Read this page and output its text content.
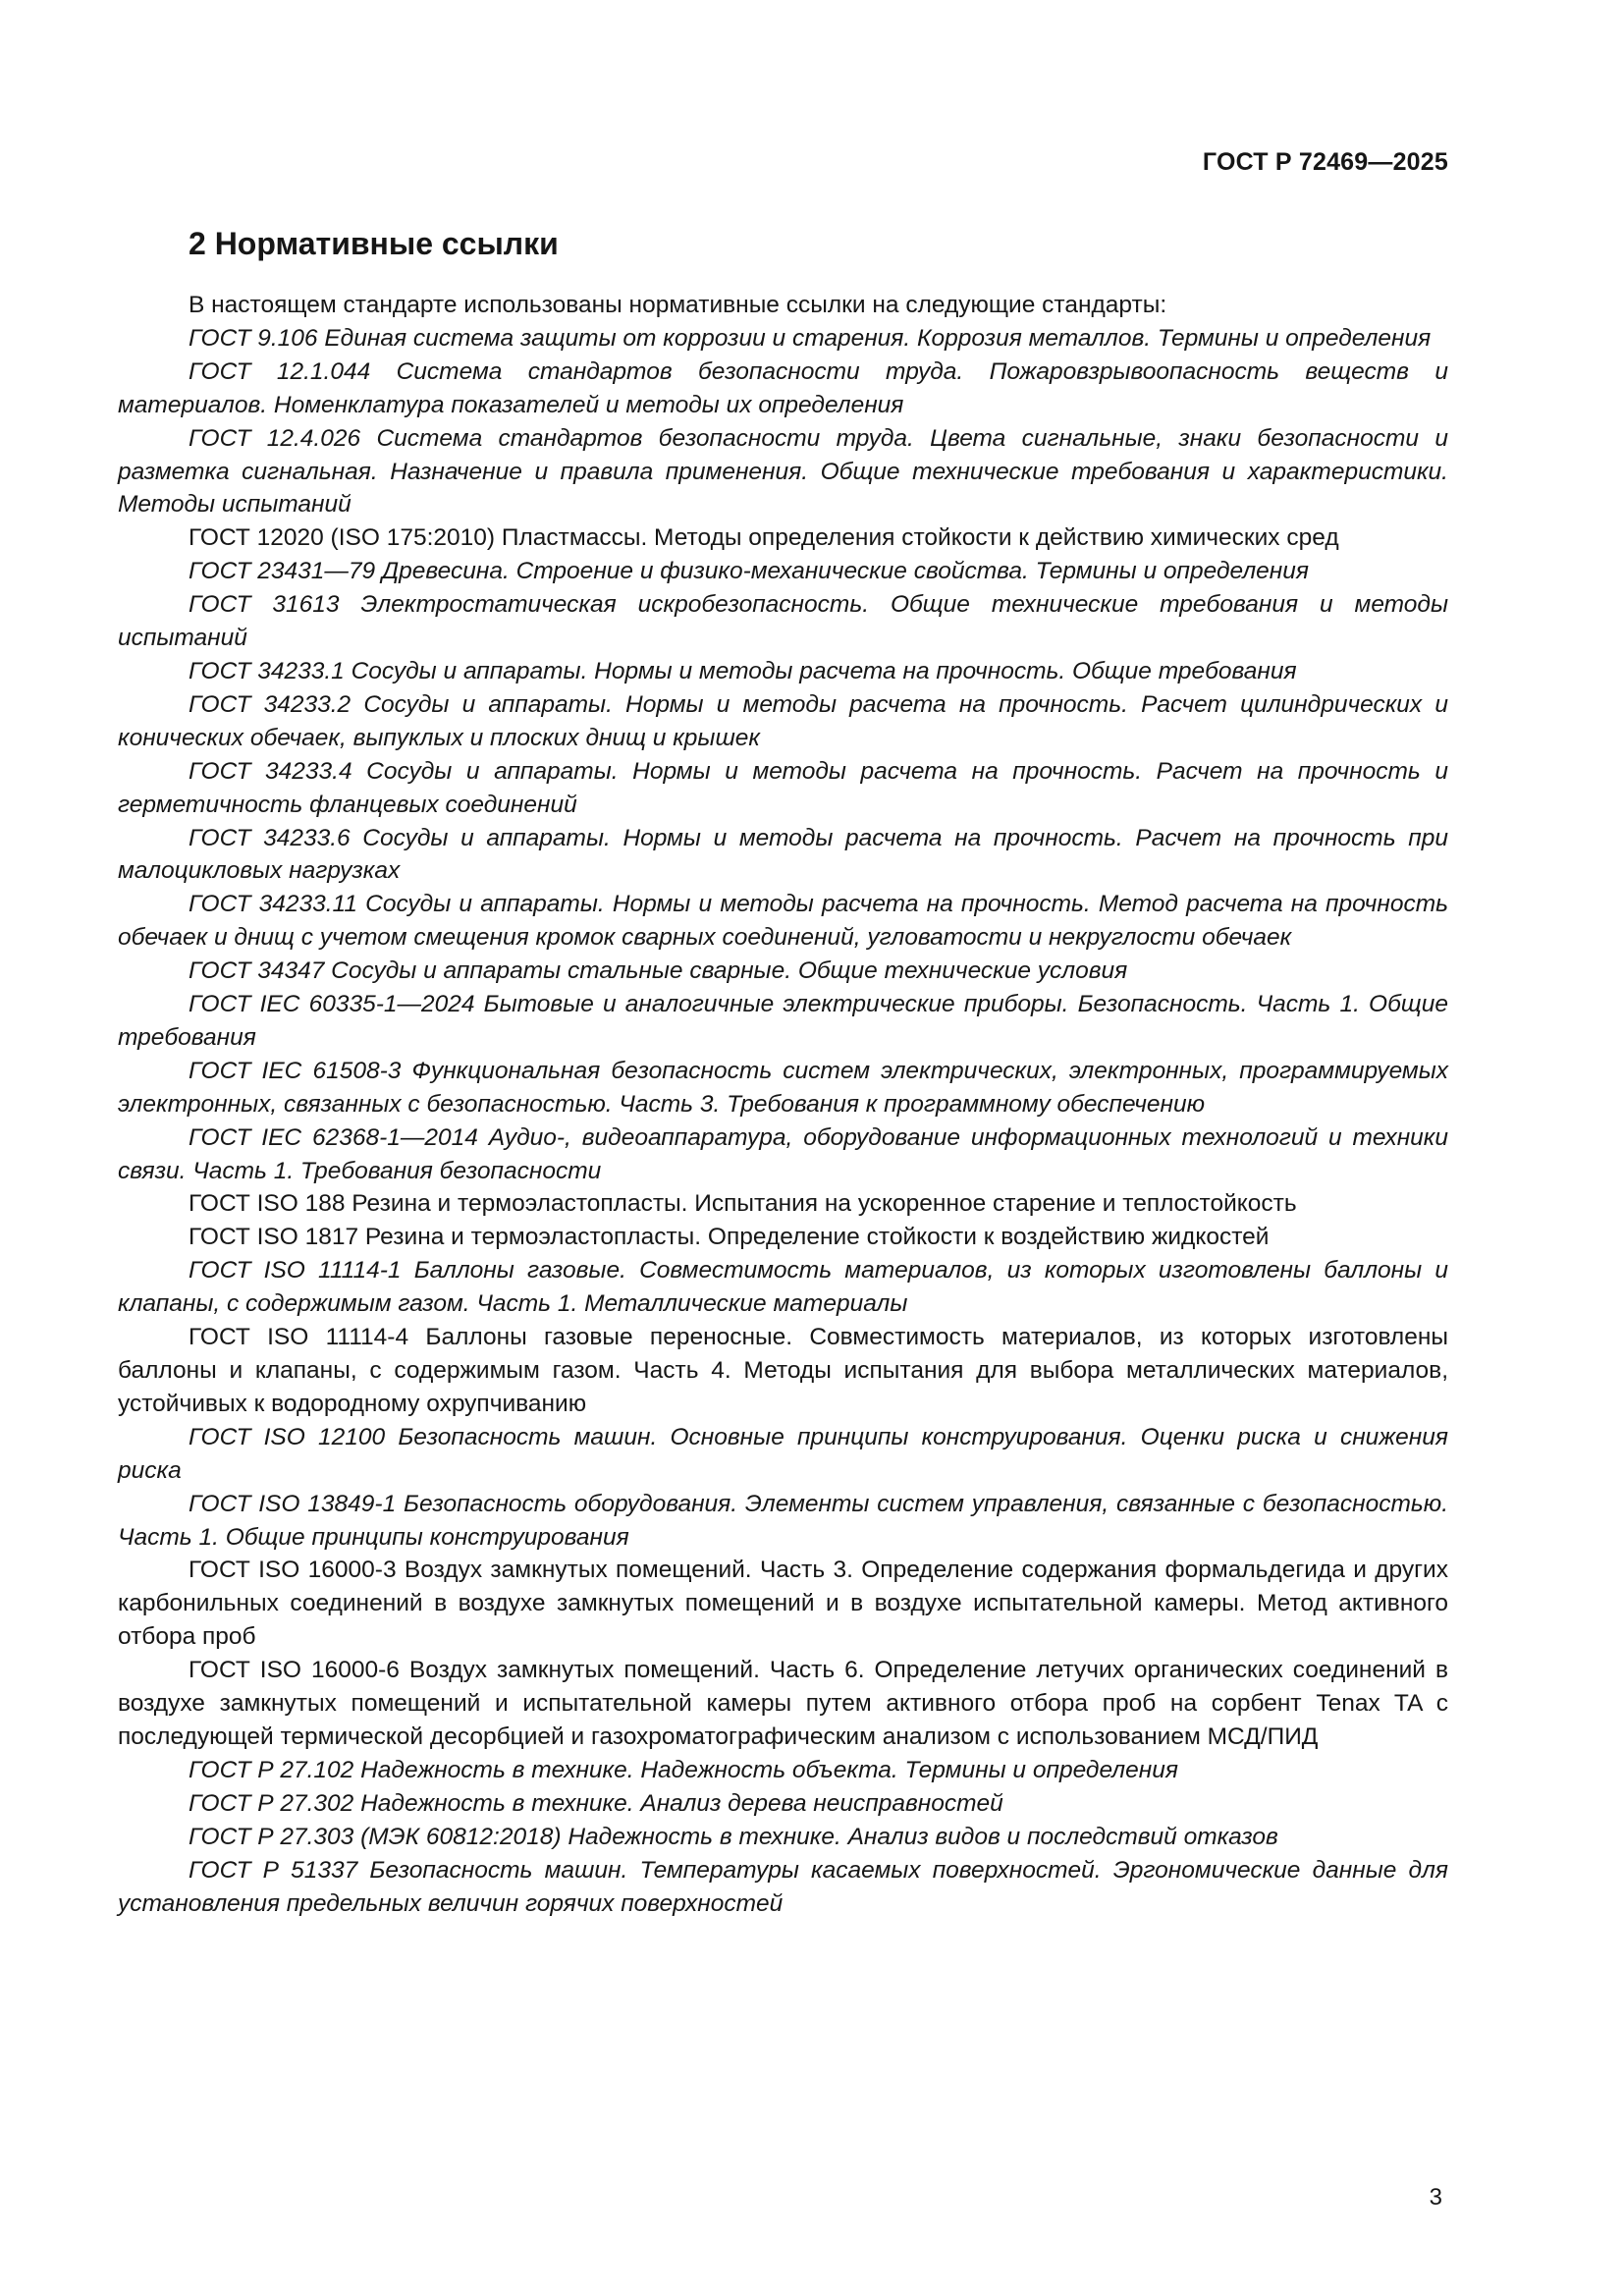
ГОСТ Р 72469—2025
2 Нормативные ссылки

В настоящем стандарте использованы нормативные ссылки на следующие стандарты:

ГОСТ 9.106 Единая система защиты от коррозии и старения. Коррозия металлов. Термины и определения

ГОСТ 12.1.044 Система стандартов безопасности труда. Пожаровзрывоопасность веществ и материалов. Номенклатура показателей и методы их определения

ГОСТ 12.4.026 Система стандартов безопасности труда. Цвета сигнальные, знаки безопасности и разметка сигнальная. Назначение и правила применения. Общие технические требования и характеристики. Методы испытаний

ГОСТ 12020 (ISO 175:2010) Пластмассы. Методы определения стойкости к действию химических сред

ГОСТ 23431—79 Древесина. Строение и физико-механические свойства. Термины и определения

ГОСТ 31613 Электростатическая искробезопасность. Общие технические требования и методы испытаний

ГОСТ 34233.1 Сосуды и аппараты. Нормы и методы расчета на прочность. Общие требования

ГОСТ 34233.2 Сосуды и аппараты. Нормы и методы расчета на прочность. Расчет цилиндрических и конических обечаек, выпуклых и плоских днищ и крышек

ГОСТ 34233.4 Сосуды и аппараты. Нормы и методы расчета на прочность. Расчет на прочность и герметичность фланцевых соединений

ГОСТ 34233.6 Сосуды и аппараты. Нормы и методы расчета на прочность. Расчет на прочность при малоцикловых нагрузках

ГОСТ 34233.11 Сосуды и аппараты. Нормы и методы расчета на прочность. Метод расчета на прочность обечаек и днищ с учетом смещения кромок сварных соединений, угловатости и некруглости обечаек

ГОСТ 34347 Сосуды и аппараты стальные сварные. Общие технические условия

ГОСТ IEC 60335-1—2024 Бытовые и аналогичные электрические приборы. Безопасность. Часть 1. Общие требования

ГОСТ IEC 61508-3 Функциональная безопасность систем электрических, электронных, программируемых электронных, связанных с безопасностью. Часть 3. Требования к программному обеспечению

ГОСТ IEC 62368-1—2014 Аудио-, видеоаппаратура, оборудование информационных технологий и техники связи. Часть 1. Требования безопасности

ГОСТ ISO 188 Резина и термоэластопласты. Испытания на ускоренное старение и теплостойкость

ГОСТ ISO 1817 Резина и термоэластопласты. Определение стойкости к воздействию жидкостей

ГОСТ ISO 11114-1 Баллоны газовые. Совместимость материалов, из которых изготовлены баллоны и клапаны, с содержимым газом. Часть 1. Металлические материалы

ГОСТ ISO 11114-4 Баллоны газовые переносные. Совместимость материалов, из которых изготовлены баллоны и клапаны, с содержимым газом. Часть 4. Методы испытания для выбора металлических материалов, устойчивых к водородному охрупчиванию

ГОСТ ISO 12100 Безопасность машин. Основные принципы конструирования. Оценки риска и снижения риска

ГОСТ ISO 13849-1 Безопасность оборудования. Элементы систем управления, связанные с безопасностью. Часть 1. Общие принципы конструирования

ГОСТ ISO 16000-3 Воздух замкнутых помещений. Часть 3. Определение содержания формальдегида и других карбонильных соединений в воздухе замкнутых помещений и в воздухе испытательной камеры. Метод активного отбора проб

ГОСТ ISO 16000-6 Воздух замкнутых помещений. Часть 6. Определение летучих органических соединений в воздухе замкнутых помещений и испытательной камеры путем активного отбора проб на сорбент Tenax TA с последующей термической десорбцией и газохроматографическим анализом с использованием МСД/ПИД

ГОСТ Р 27.102 Надежность в технике. Надежность объекта. Термины и определения

ГОСТ Р 27.302 Надежность в технике. Анализ дерева неисправностей

ГОСТ Р 27.303 (МЭК 60812:2018) Надежность в технике. Анализ видов и последствий отказов

ГОСТ Р 51337 Безопасность машин. Температуры касаемых поверхностей. Эргономические данные для установления предельных величин горячих поверхностей

3
